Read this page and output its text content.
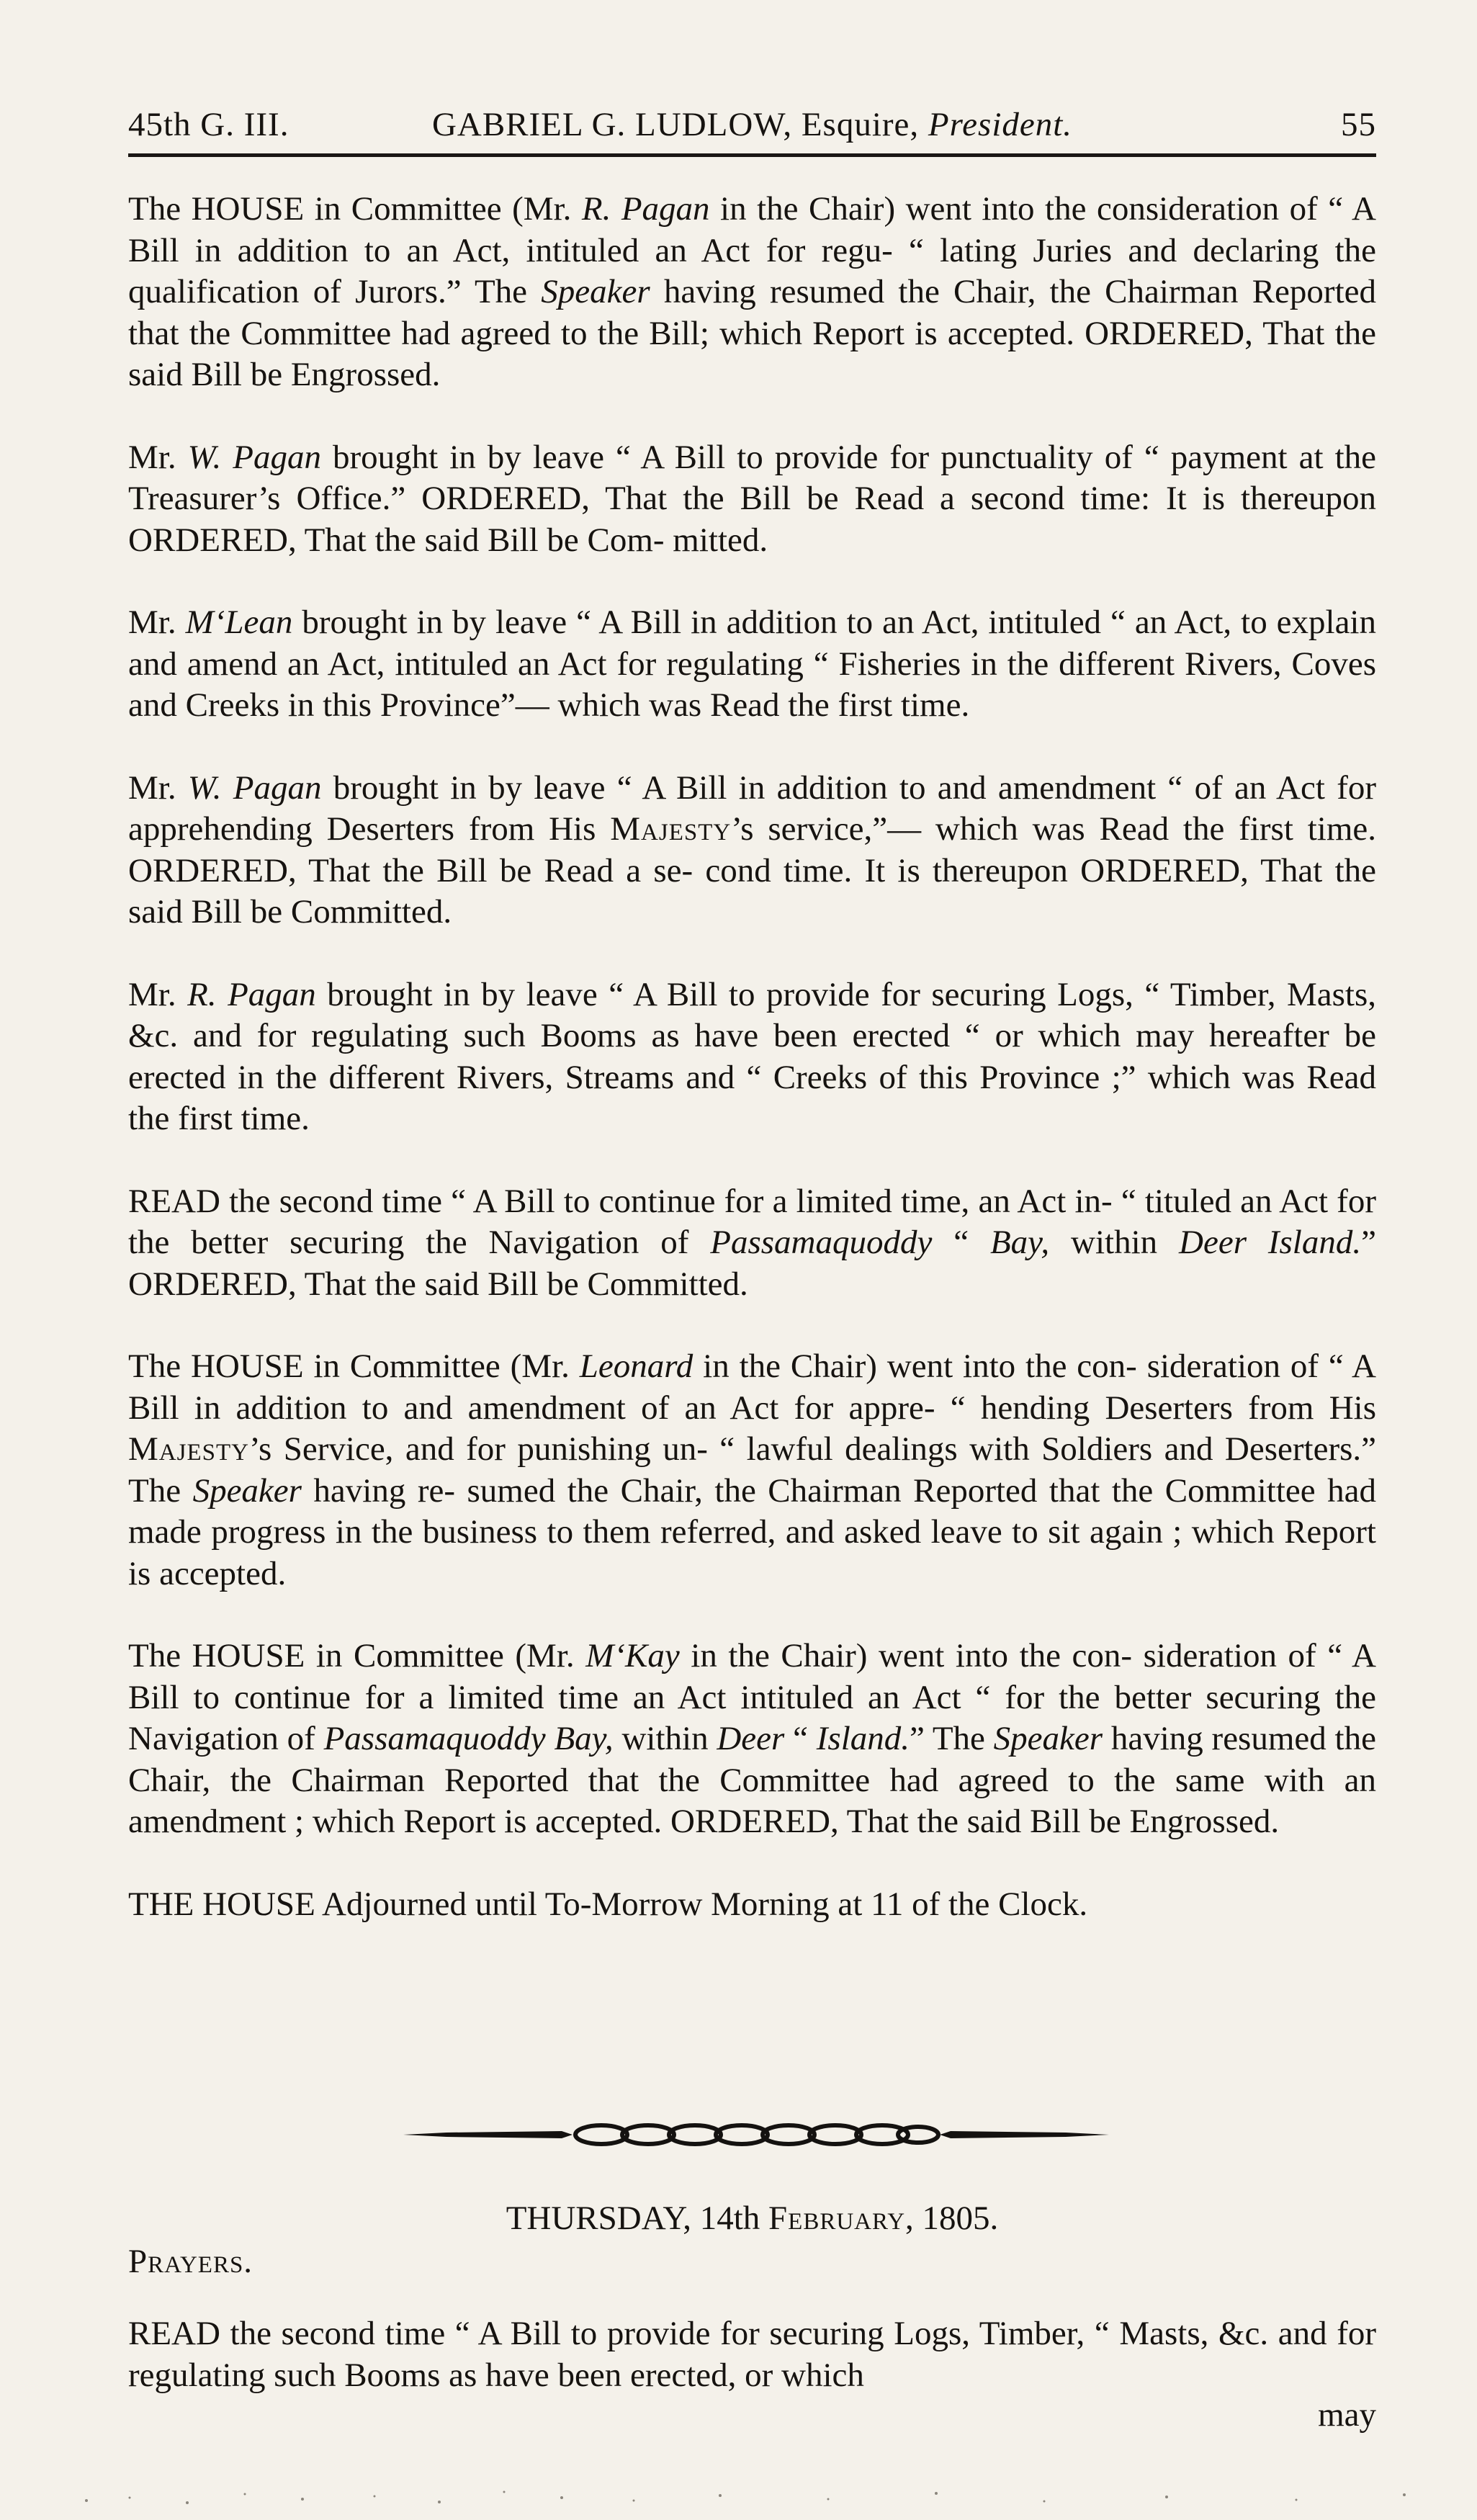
45th G. III.	GABRIEL G. LUDLOW, Esquire, President.	55

The HOUSE in Committee (Mr. R. Pagan in the Chair) went into the consideration of “ A Bill in addition to an Act, intituled an Act for regu- “ lating Juries and declaring the qualification of Jurors.” The Speaker having resumed the Chair, the Chairman Reported that the Committee had agreed to the Bill; which Report is accepted. ORDERED, That the said Bill be Engrossed.

Mr. W. Pagan brought in by leave “ A Bill to provide for punctuality of “ payment at the Treasurer’s Office.” ORDERED, That the Bill be Read a second time: It is thereupon ORDERED, That the said Bill be Com- mitted.

Mr. M‘Lean brought in by leave “ A Bill in addition to an Act, intituled “ an Act, to explain and amend an Act, intituled an Act for regulating “ Fisheries in the different Rivers, Coves and Creeks in this Province”— which was Read the first time.

Mr. W. Pagan brought in by leave “ A Bill in addition to and amendment “ of an Act for apprehending Deserters from His Majesty’s service,”— which was Read the first time. ORDERED, That the Bill be Read a se- cond time. It is thereupon ORDERED, That the said Bill be Committed.

Mr. R. Pagan brought in by leave “ A Bill to provide for securing Logs, “ Timber, Masts, &c. and for regulating such Booms as have been erected “ or which may hereafter be erected in the different Rivers, Streams and “ Creeks of this Province ;” which was Read the first time.

READ the second time “ A Bill to continue for a limited time, an Act in- “ tituled an Act for the better securing the Navigation of Passamaquoddy “ Bay, within Deer Island.” ORDERED, That the said Bill be Committed.

The HOUSE in Committee (Mr. Leonard in the Chair) went into the con- sideration of “ A Bill in addition to and amendment of an Act for appre- “ hending Deserters from His Majesty’s Service, and for punishing un- “ lawful dealings with Soldiers and Deserters.” The Speaker having re- sumed the Chair, the Chairman Reported that the Committee had made progress in the business to them referred, and asked leave to sit again ; which Report is accepted.

The HOUSE in Committee (Mr. M‘Kay in the Chair) went into the con- sideration of “ A Bill to continue for a limited time an Act intituled an Act “ for the better securing the Navigation of Passamaquoddy Bay, within Deer “ Island.” The Speaker having resumed the Chair, the Chairman Reported that the Committee had agreed to the same with an amendment ; which Report is accepted. ORDERED, That the said Bill be Engrossed.

THE HOUSE Adjourned until To-Morrow Morning at 11 of the Clock.

THURSDAY, 14th February, 1805.
Prayers.
READ the second time “ A Bill to provide for securing Logs, Timber, “ Masts, &c. and for regulating such Booms as have been erected, or which
may
